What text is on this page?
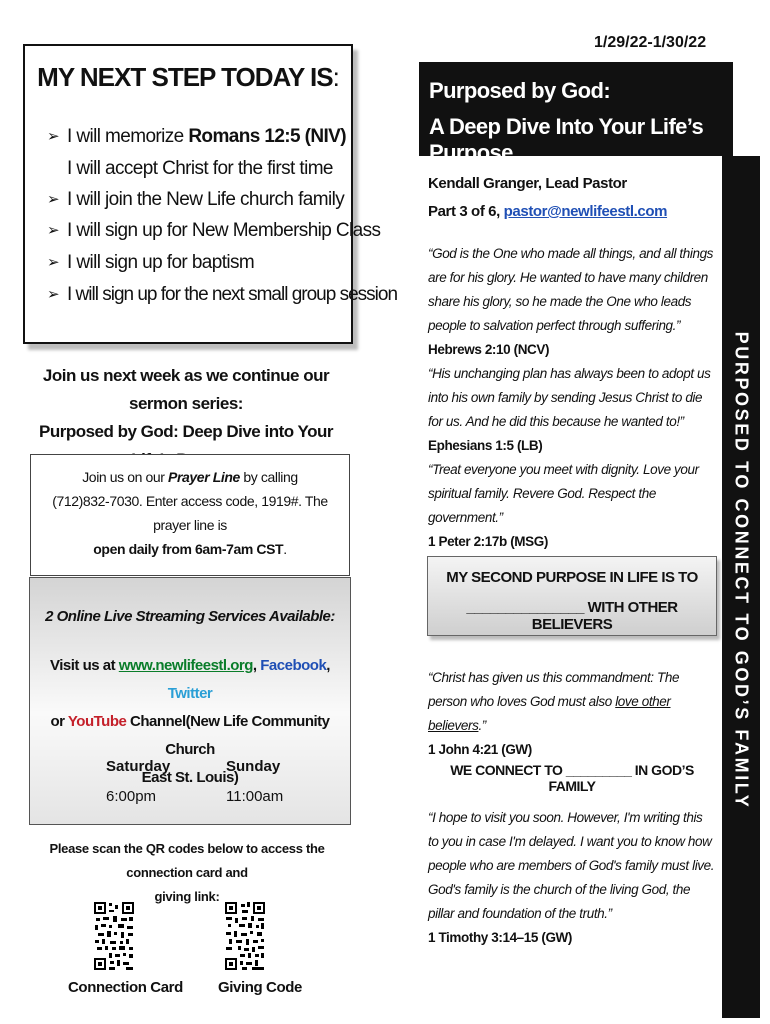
1/29/22-1/30/22
MY NEXT STEP TODAY IS:
➢ I will memorize Romans 12:5 (NIV)
I will accept Christ for the first time
➢ I will join the New Life church family
➢ I will sign up for New Membership Class
➢ I will sign up for baptism
➢ I will sign up for the next small group session
Join us next week as we continue our sermon series:
Purposed by God: Deep Dive into Your
Join us on our Prayer Line by calling
(712)832-7030. Enter access code, 1919#. The prayer line is
open daily from 6am-7am CST.
2 Online Live Streaming Services Available:
Visit us at www.newlifeestl.org, Facebook, Twitter
or YouTube Channel(New Life Community Church
East St. Louis)
Saturday
6:00pm
Sunday
11:00am
Please scan the QR codes below to access the connection card and
giving link:
Connection Card Giving Code
Purposed by God:
A Deep Dive Into Your Life’s Purpose
PURPOSED TO CONNECT TO GOD’S FAMILY
Kendall Granger, Lead Pastor
Part 3 of 6, pastor@newlifeestl.com
“God is the One who made all things, and all things are for his glory. He wanted to have many children share his glory, so he made the One who leads people to salvation perfect through suffering.”  Hebrews 2:10 (NCV)
“His unchanging plan has always been to adopt us into his own family by sending Jesus Christ to die for us. And he did this because he wanted to!” Ephesians 1:5 (LB)
“Treat everyone you meet with dignity. Love your spiritual family. Revere God. Respect the government.”
1 Peter 2:17b (MSG)
MY SECOND PURPOSE IN LIFE IS TO
_______________ WITH OTHER BELIEVERS
“Christ has given us this commandment: The person who loves God must also love other believers.”
1 John 4:21 (GW)
WE CONNECT TO _________ IN GOD’S FAMILY
“I hope to visit you soon. However, I'm writing this to you in case I'm delayed. I want you to know how people who are members of God's family must live. God's family is the church of the living God, the pillar and foundation of the truth.”
1 Timothy 3:14–15 (GW)
